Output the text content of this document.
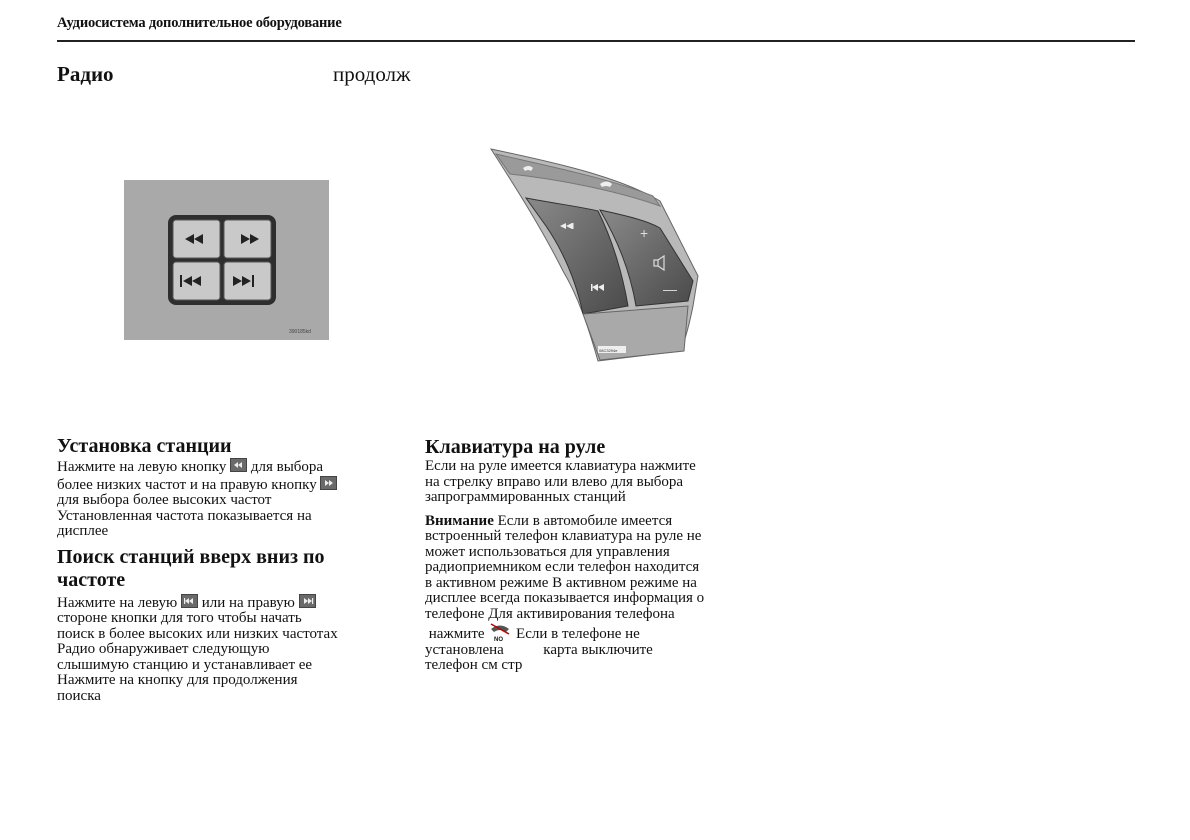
Аудиосистема дополнительное оборудование
Радио	продолж
390185kd
+
—
08C3294e

Установка станции

Нажмите на левую кнопку для выбора
более низких частот и на правую кнопку

для выбора более высоких частот
Установленная частота показывается на
дисплее

Поиск станций вверх вниз по
частоте

Нажмите на левую или на правую

стороне кнопки для того чтобы начать
поиск в более высоких или низких частотах
Радио обнаруживает следующую
слышимую станцию и устанавливает ее
Нажмите на кнопку для продолжения
поиска

Клавиатура на руле

Если на руле имеется клавиатура нажмите
на стрелку вправо или влево для выбора
запрограммированных станций

Внимание Если в автомобиле имеется
встроенный телефон клавиатура на руле не
может использоваться для управления
радиоприемником если телефон находится
в активном режиме В активном режиме на
дисплее всегда показывается информация о
телефоне Для активирования телефона
нажмите NO Если в телефоне не
установлена	карта выключите
телефон см стр
